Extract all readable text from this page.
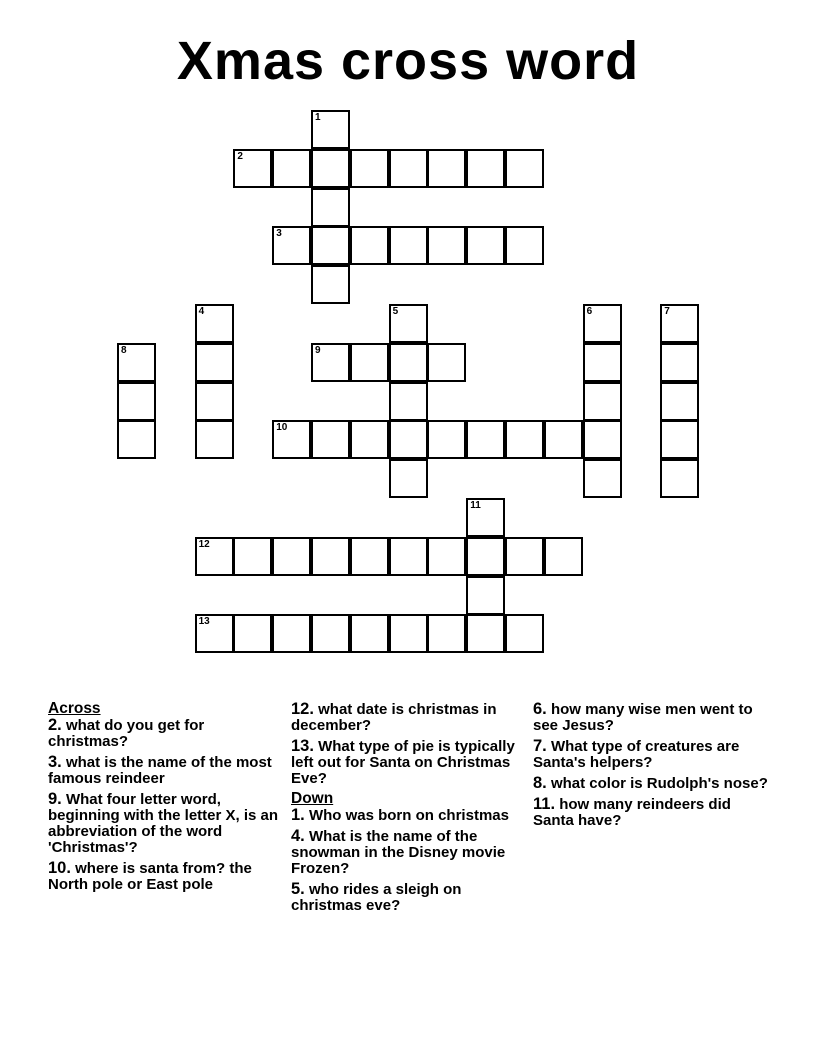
Xmas cross word
1
2
3
4	5	6	7
8	9
10
11
12
13
Across
2. what do you get for christmas?
3. what is the name of the most famous reindeer
9. What four letter word, beginning with the letter X, is an abbreviation of the word 'Christmas'?
10. where is santa from? the North pole or East pole
12. what date is christmas in december?
13. What type of pie is typically left out for Santa on Christmas Eve?
Down
1. Who was born on christmas
4. What is the name of the snowman in the Disney movie Frozen?
5. who rides a sleigh on christmas eve?
6. how many wise men went to see Jesus?
7. What type of creatures are Santa's helpers?
8. what color is Rudolph's nose?
11. how many reindeers did Santa have?
